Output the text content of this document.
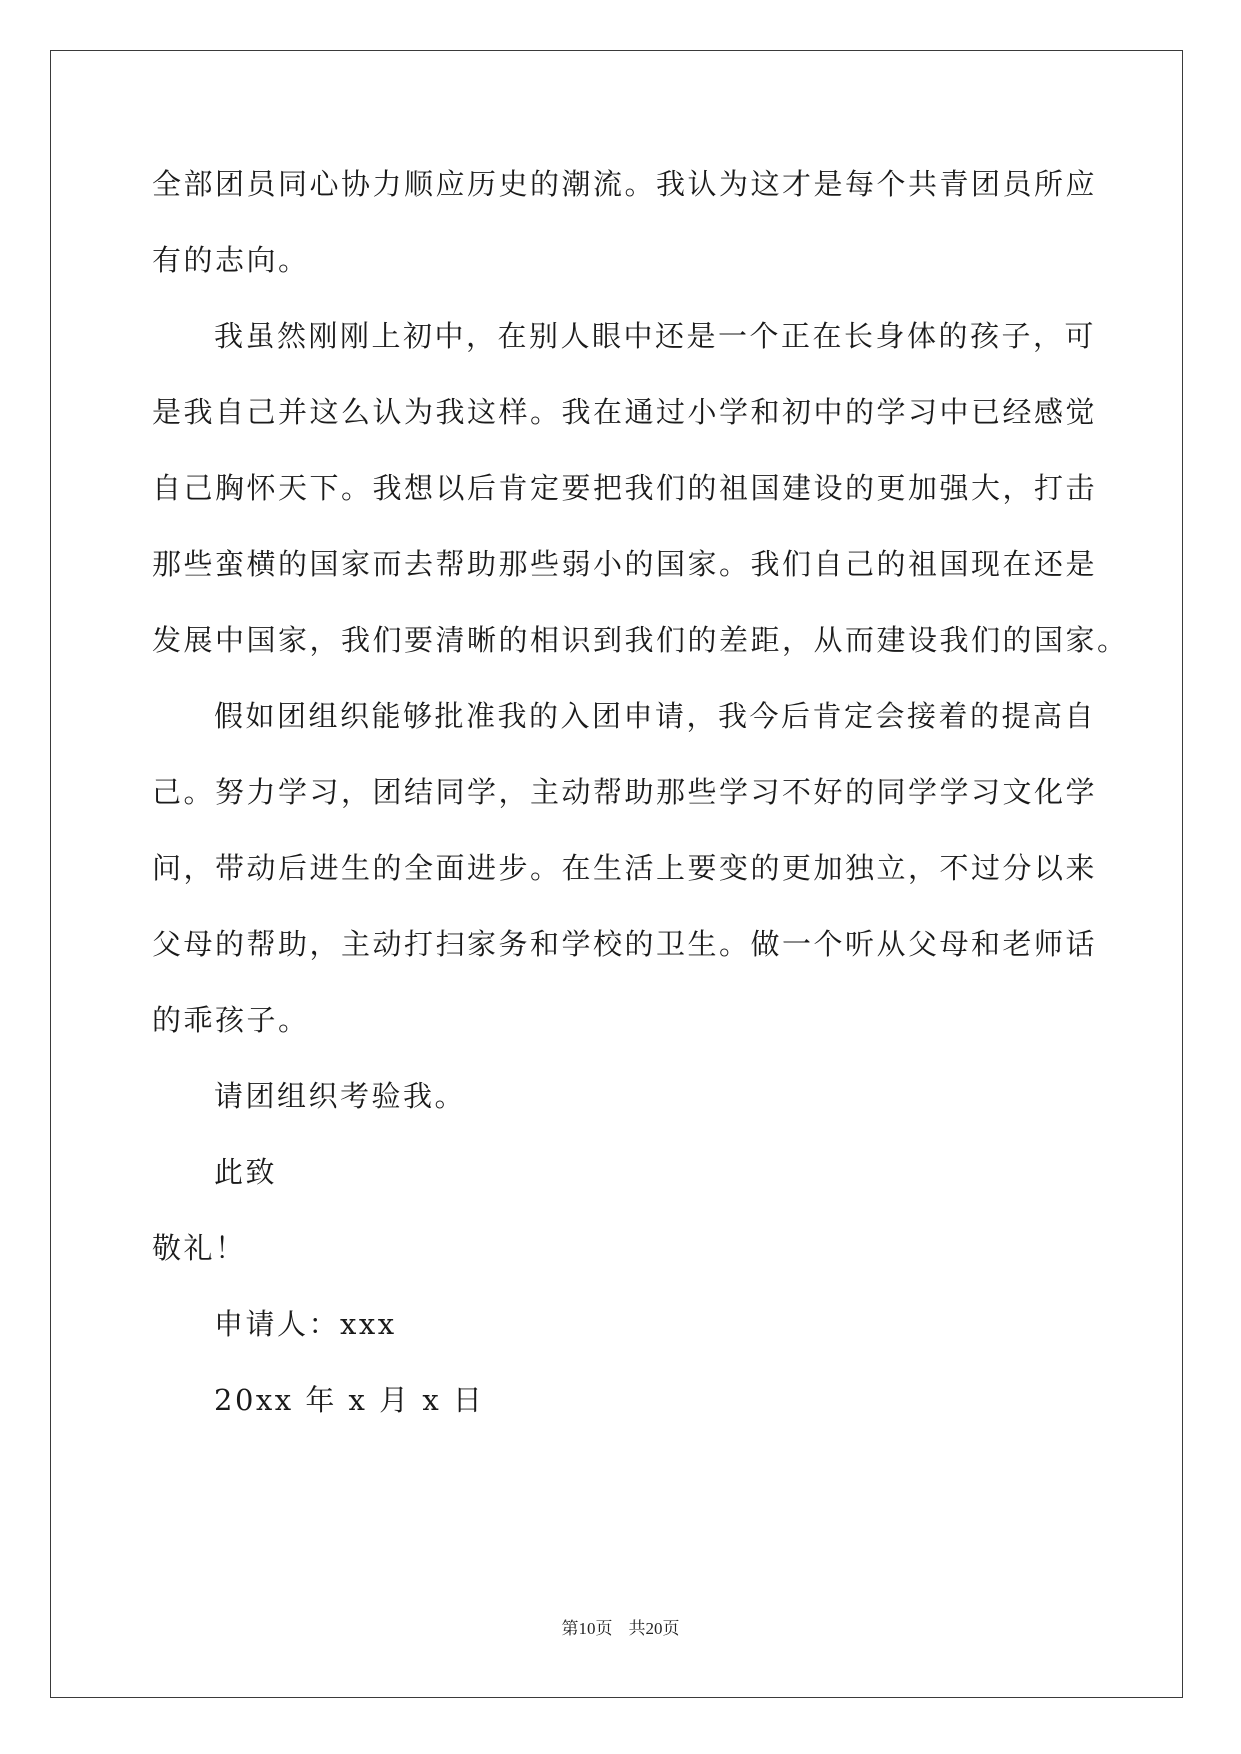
全部团员同心协力顺应历史的潮流。我认为这才是每个共青团员所应
有的志向。
我虽然刚刚上初中，在别人眼中还是一个正在长身体的孩子，可
是我自己并这么认为我这样。我在通过小学和初中的学习中已经感觉
自己胸怀天下。我想以后肯定要把我们的祖国建设的更加强大，打击
那些蛮横的国家而去帮助那些弱小的国家。我们自己的祖国现在还是
发展中国家，我们要清晰的相识到我们的差距，从而建设我们的国家。
假如团组织能够批准我的入团申请，我今后肯定会接着的提高自
己。努力学习，团结同学，主动帮助那些学习不好的同学学习文化学
问，带动后进生的全面进步。在生活上要变的更加独立，不过分以来
父母的帮助，主动打扫家务和学校的卫生。做一个听从父母和老师话
的乖孩子。
请团组织考验我。
此致
敬礼！
申请人：xxx
20xx 年 x 月 x 日
第10页 共20页
